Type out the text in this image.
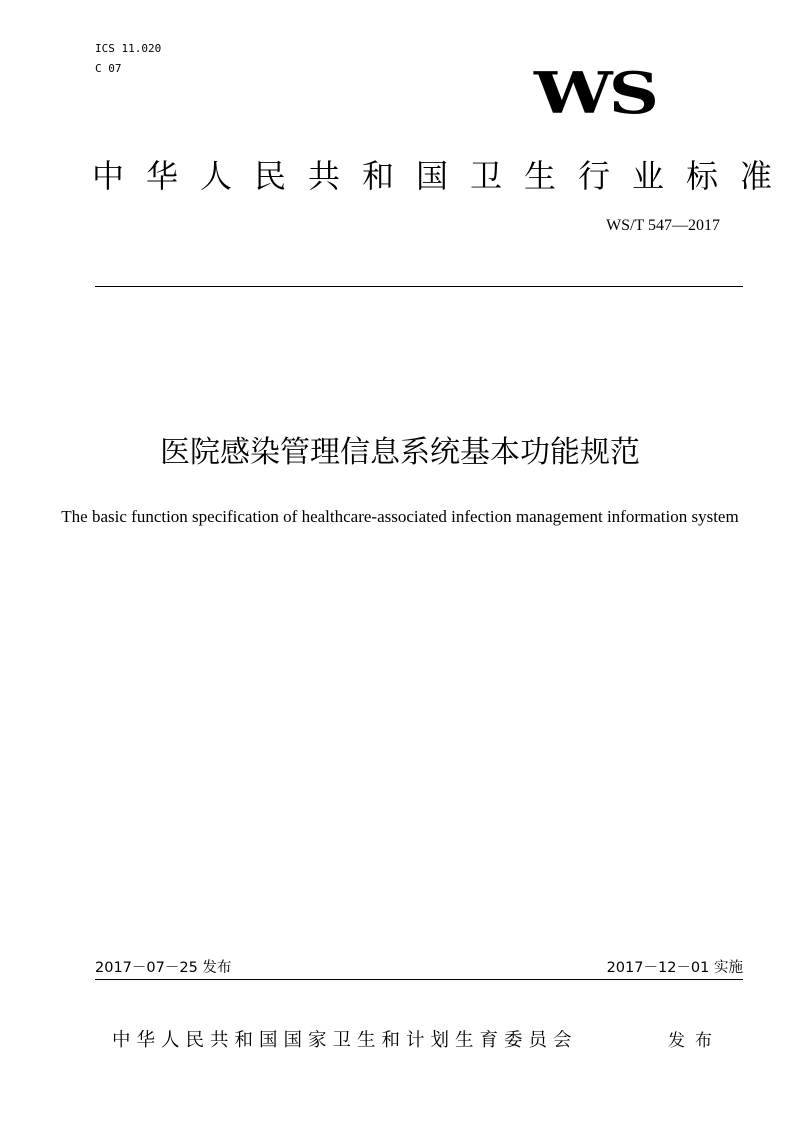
ICS 11.020
C 07	WS
中华人民共和国卫生行业标准
WS/T 547—2017
医院感染管理信息系统基本功能规范
The basic function specification of healthcare-associated infection management information system
2017－07－25 发布	2017－12－01 实施
中华人民共和国国家卫生和计划生育委员会	发布
